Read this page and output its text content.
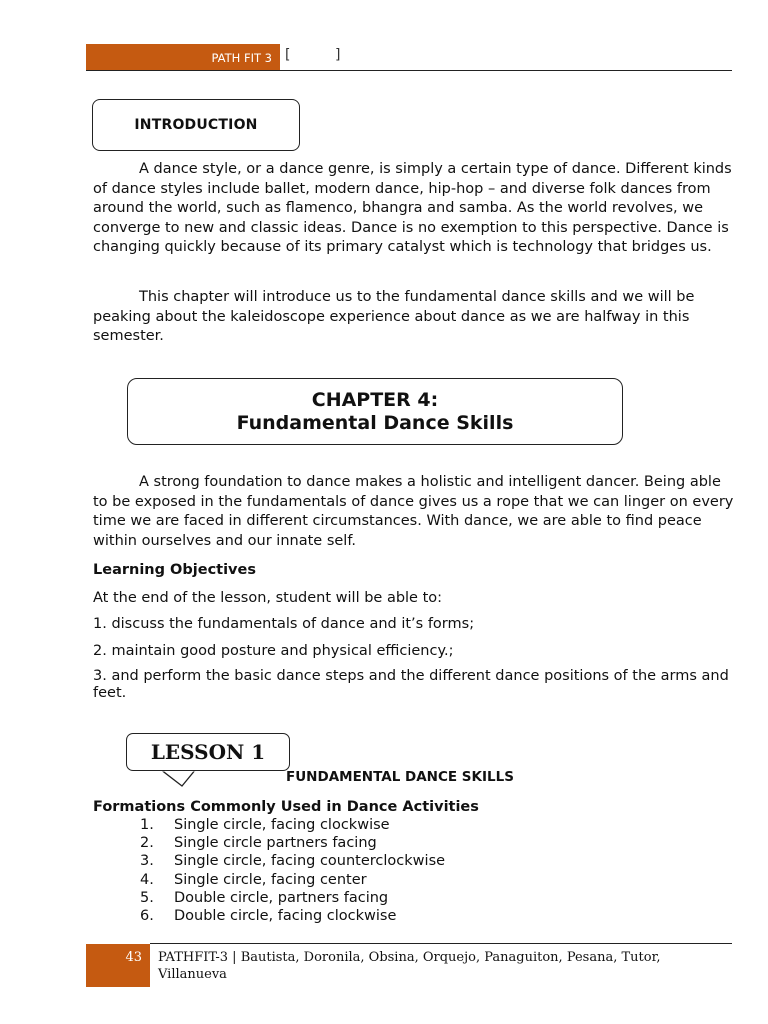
PATH FIT 3 [          ]
INTRODUCTION

A dance style, or a dance genre, is simply a certain type of dance. Different kinds of dance styles include ballet, modern dance, hip-hop – and diverse folk dances from around the world, such as flamenco, bhangra and samba. As the world revolves, we converge to new and classic ideas. Dance is no exemption to this perspective. Dance is changing quickly because of its primary catalyst which is technology that bridges us.

This chapter will introduce us to the fundamental dance skills and we will be peaking about the kaleidoscope experience about dance as we are halfway in this semester.

CHAPTER 4:
Fundamental Dance Skills

A strong foundation to dance makes a holistic and intelligent dancer. Being able to be exposed in the fundamentals of dance gives us a rope that we can linger on every time we are faced in different circumstances. With dance, we are able to find peace within ourselves and our innate self.

Learning Objectives

At the end of the lesson, student will be able to:

1. discuss the fundamentals of dance and it’s forms;

2. maintain good posture and physical efficiency.;

3. and perform the basic dance steps and the different dance positions of the arms and feet.

LESSON 1
FUNDAMENTAL DANCE SKILLS

Formations Commonly Used in Dance Activities

1.	Single circle, facing clockwise
2.	Single circle partners facing
3.	Single circle, facing counterclockwise
4.	Single circle, facing center
5.	Double circle, partners facing
6.	Double circle, facing clockwise
43 PATHFIT-3 | Bautista, Doronila, Obsina, Orquejo, Panaguiton, Pesana, Tutor, Villanueva
